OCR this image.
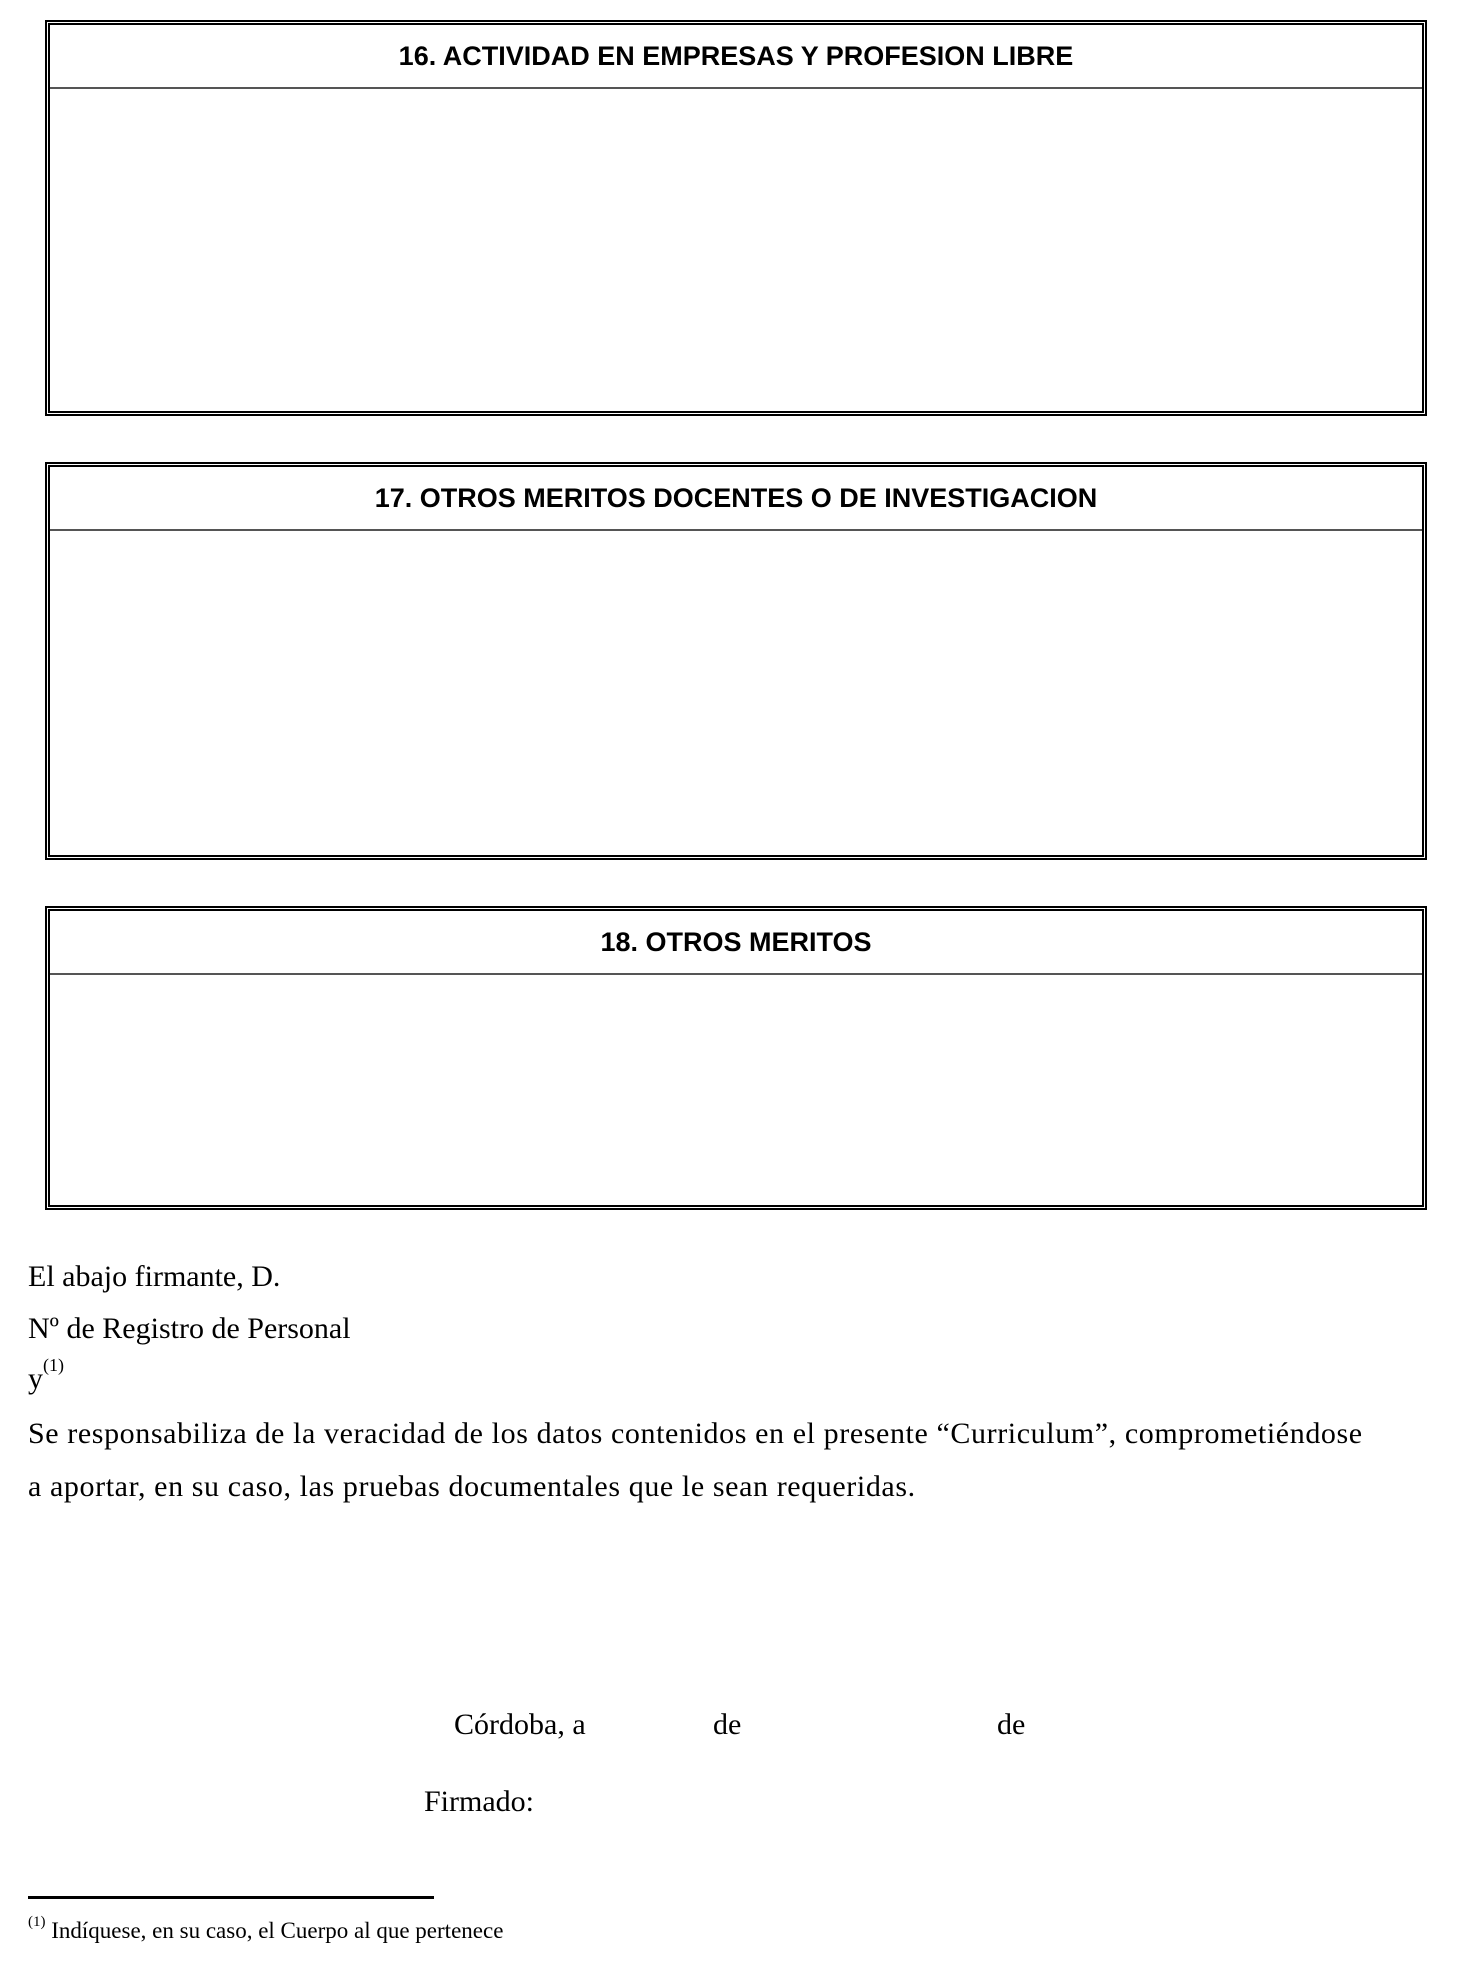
16. ACTIVIDAD EN EMPRESAS Y PROFESION LIBRE
17. OTROS MERITOS DOCENTES O DE INVESTIGACION
18. OTROS MERITOS
El abajo firmante, D.
Nº de Registro de Personal
$y^{(1)}$
Se responsabiliza de la veracidad de los datos contenidos en el presente “Curriculum”, comprometiéndose
a aportar, en su caso, las pruebas documentales que le sean requeridas.
Córdoba, a	de	de
Firmado:
$^{(1)}$ Indíquese, en su caso, el Cuerpo al que pertenece
